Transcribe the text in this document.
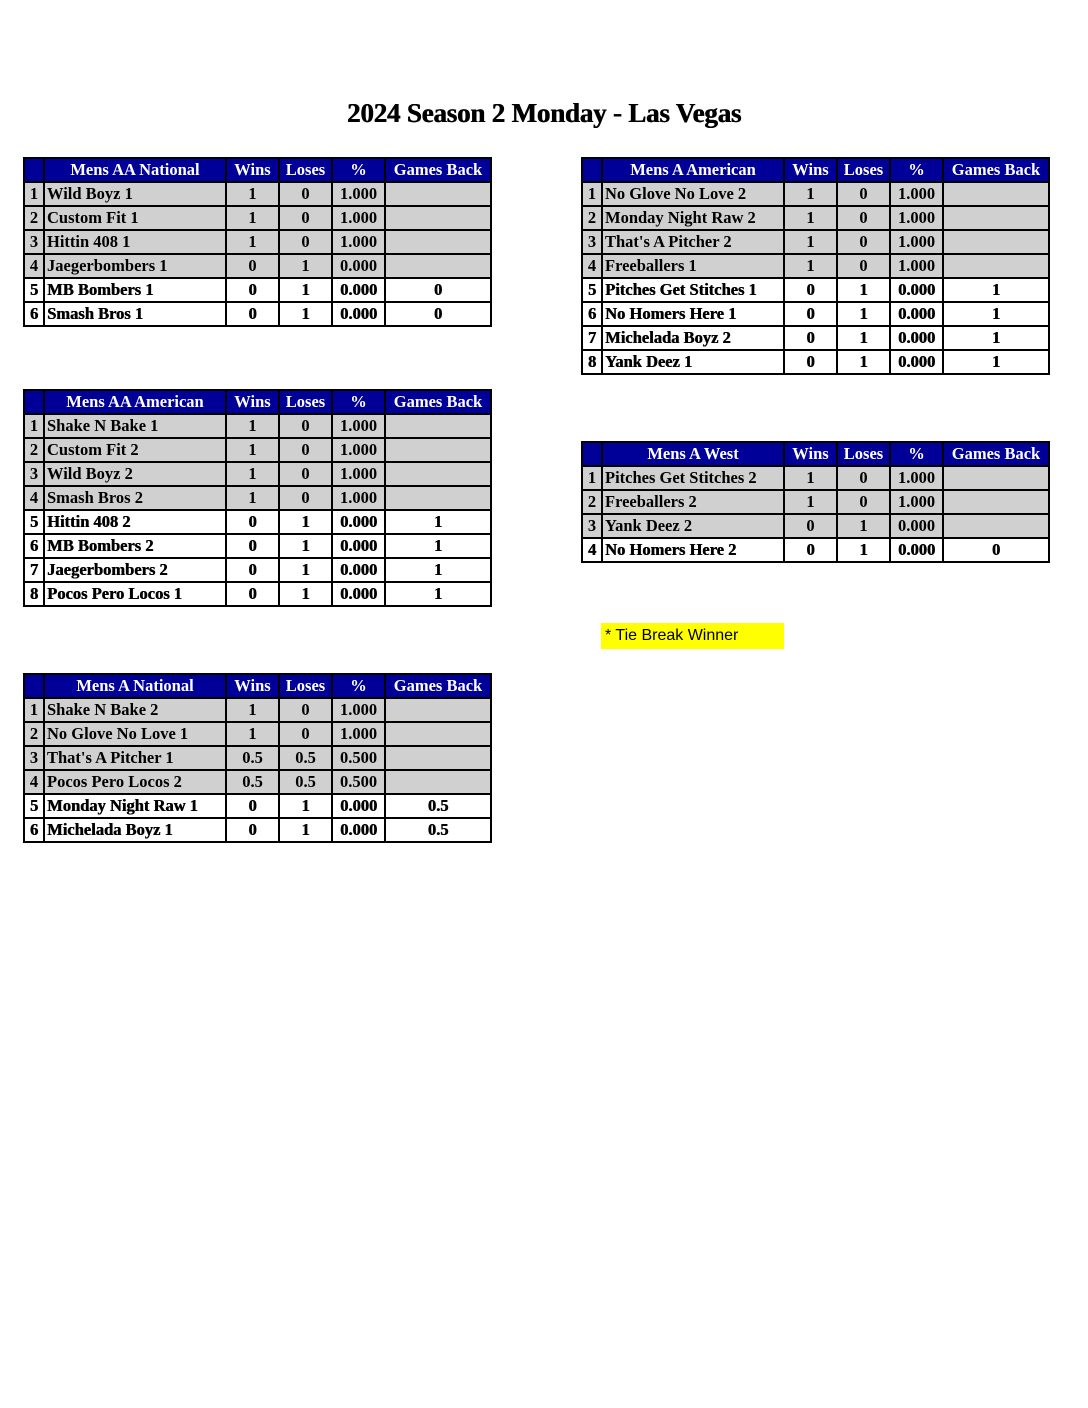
2024 Season 2 Monday - Las Vegas
	Mens AA National	Wins	Loses	%	Games Back
1	Wild Boyz 1	1	0	1.000	
2	Custom Fit 1	1	0	1.000	
3	Hittin 408 1	1	0	1.000	
4	Jaegerbombers 1	0	1	0.000	
5	MB Bombers 1	0	1	0.000	0
6	Smash Bros 1	0	1	0.000	0
	Mens AA American	Wins	Loses	%	Games Back
1	Shake N Bake 1	1	0	1.000	
2	Custom Fit 2	1	0	1.000	
3	Wild Boyz 2	1	0	1.000	
4	Smash Bros 2	1	0	1.000	
5	Hittin 408 2	0	1	0.000	1
6	MB Bombers 2	0	1	0.000	1
7	Jaegerbombers 2	0	1	0.000	1
8	Pocos Pero Locos 1	0	1	0.000	1
	Mens A National	Wins	Loses	%	Games Back
1	Shake N Bake 2	1	0	1.000	
2	No Glove No Love 1	1	0	1.000	
3	That's A Pitcher 1	0.5	0.5	0.500	
4	Pocos Pero Locos 2	0.5	0.5	0.500	
5	Monday Night Raw 1	0	1	0.000	0.5
6	Michelada Boyz 1	0	1	0.000	0.5
	Mens A American	Wins	Loses	%	Games Back
1	No Glove No Love 2	1	0	1.000	
2	Monday Night Raw 2	1	0	1.000	
3	That's A Pitcher 2	1	0	1.000	
4	Freeballers 1	1	0	1.000	
5	Pitches Get Stitches 1	0	1	0.000	1
6	No Homers Here 1	0	1	0.000	1
7	Michelada Boyz 2	0	1	0.000	1
8	Yank Deez 1	0	1	0.000	1
	Mens A West	Wins	Loses	%	Games Back
1	Pitches Get Stitches 2	1	0	1.000	
2	Freeballers 2	1	0	1.000	
3	Yank Deez 2	0	1	0.000	
4	No Homers Here 2	0	1	0.000	0
* Tie Break Winner
